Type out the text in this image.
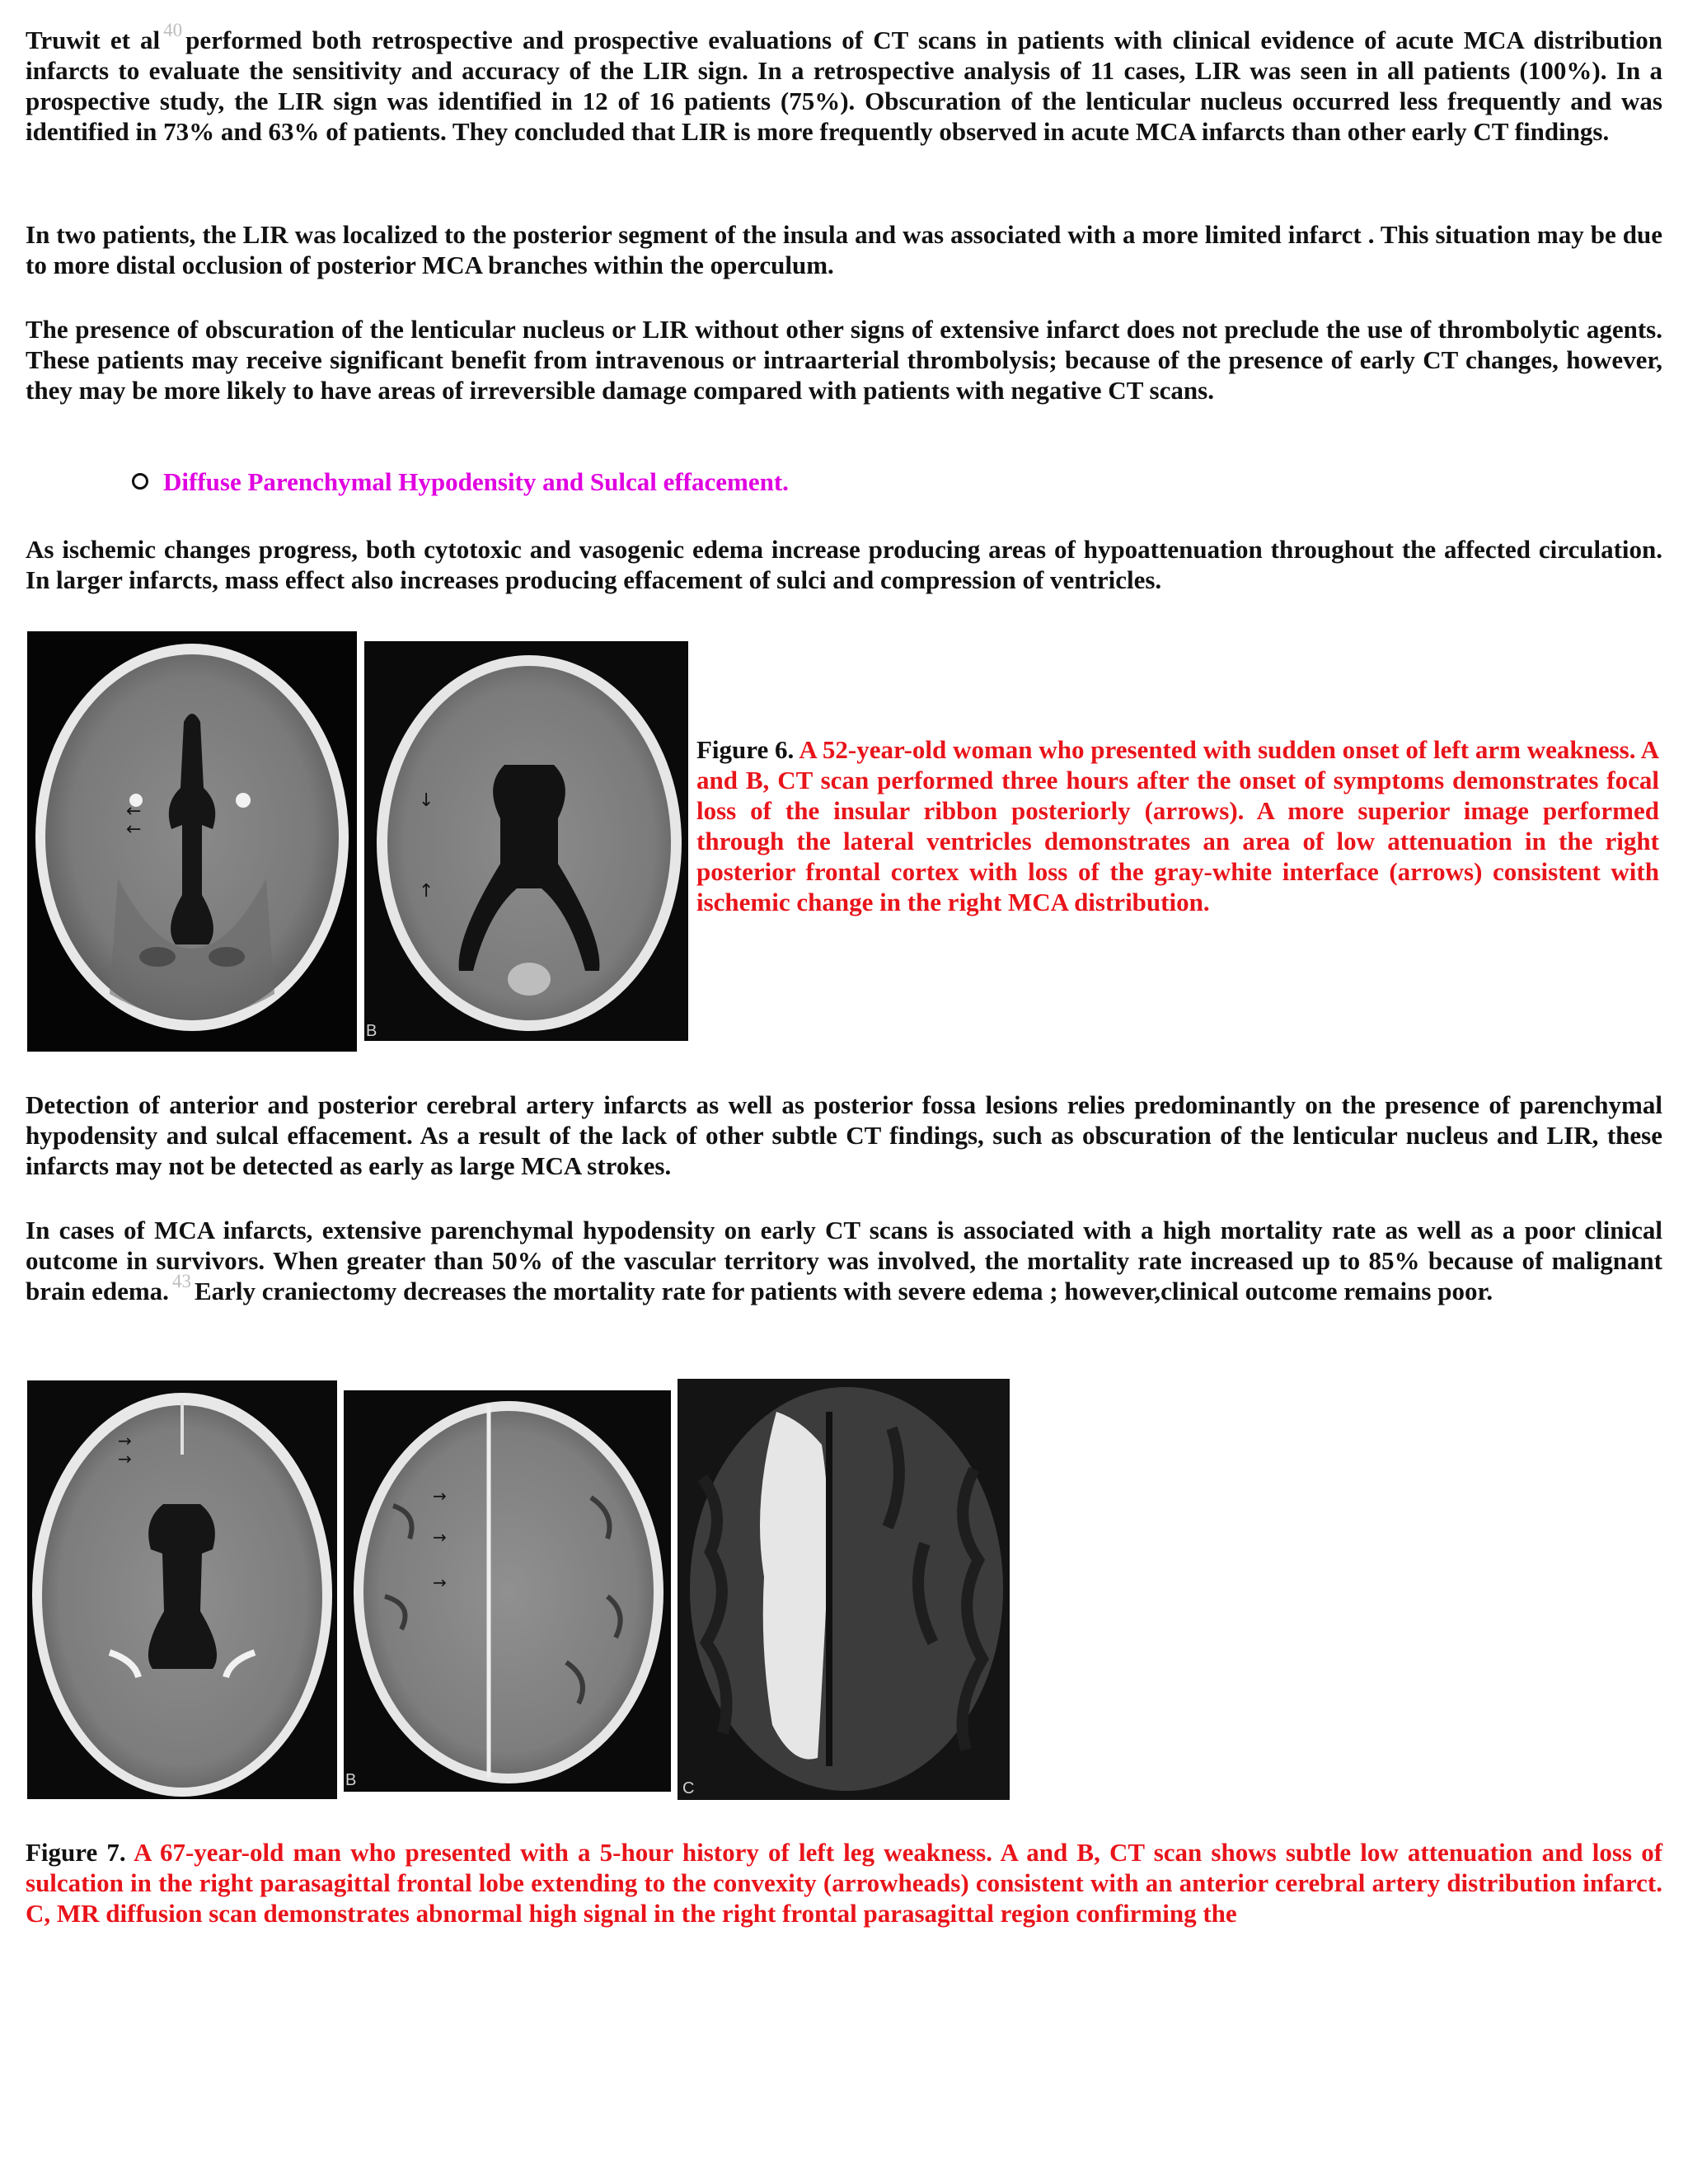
Truwit et al $^{40}$ performed both retrospective and prospective evaluations of CT scans in patients with clinical evidence of acute MCA distribution infarcts to evaluate the sensitivity and accuracy of the LIR sign. In a retrospective analysis of 11 cases, LIR was seen in all patients (100%). In a prospective study, the LIR sign was identified in 12 of 16 patients (75%). Obscuration of the lenticular nucleus occurred less frequently and was identified in 73% and 63% of patients. They concluded that LIR is more frequently observed in acute MCA infarcts than other early CT findings.

In two patients, the LIR was localized to the posterior segment of the insula and was associated with a more limited infarct . This situation may be due to more distal occlusion of posterior MCA branches within the operculum.

The presence of obscuration of the lenticular nucleus or LIR without other signs of extensive infarct does not preclude the use of thrombolytic agents. These patients may receive significant benefit from intravenous or intraarterial thrombolysis; because of the presence of early CT changes, however, they may be more likely to have areas of irreversible damage compared with patients with negative CT scans.

Diffuse Parenchymal Hypodensity and Sulcal effacement.

As ischemic changes progress, both cytotoxic and vasogenic edema increase producing areas of hypoattenuation throughout the affected circulation. In larger infarcts, mass effect also increases producing effacement of sulci and compression of ventricles.

←
←
↓
↑
B

Figure 6. A 52-year-old woman who presented with sudden onset of left arm weakness. A and B, CT scan performed three hours after the onset of symptoms demonstrates focal loss of the insular ribbon posteriorly (arrows). A more superior image performed through the lateral ventricles demonstrates an area of low attenuation in the right posterior frontal cortex with loss of the gray-white interface (arrows) consistent with ischemic change in the right MCA distribution.

Detection of anterior and posterior cerebral artery infarcts as well as posterior fossa lesions relies predominantly on the presence of parenchymal hypodensity and sulcal effacement. As a result of the lack of other subtle CT findings, such as obscuration of the lenticular nucleus and LIR, these infarcts may not be detected as early as large MCA strokes.

In cases of MCA infarcts, extensive parenchymal hypodensity on early CT scans is associated with a high mortality rate as well as a poor clinical outcome in survivors. When greater than 50% of the vascular territory was involved, the mortality rate increased up to 85% because of malignant brain edema. $^{43}$ Early craniectomy decreases the mortality rate for patients with severe edema ; however,clinical outcome remains poor.

→
→
→
→
→
B	C

Figure 7. A 67-year-old man who presented with a 5-hour history of left leg weakness. A and B, CT scan shows subtle low attenuation and loss of sulcation in the right parasagittal frontal lobe extending to the convexity (arrowheads) consistent with an anterior cerebral artery distribution infarct. C, MR diffusion scan demonstrates abnormal high signal in the right frontal parasagittal region confirming the
